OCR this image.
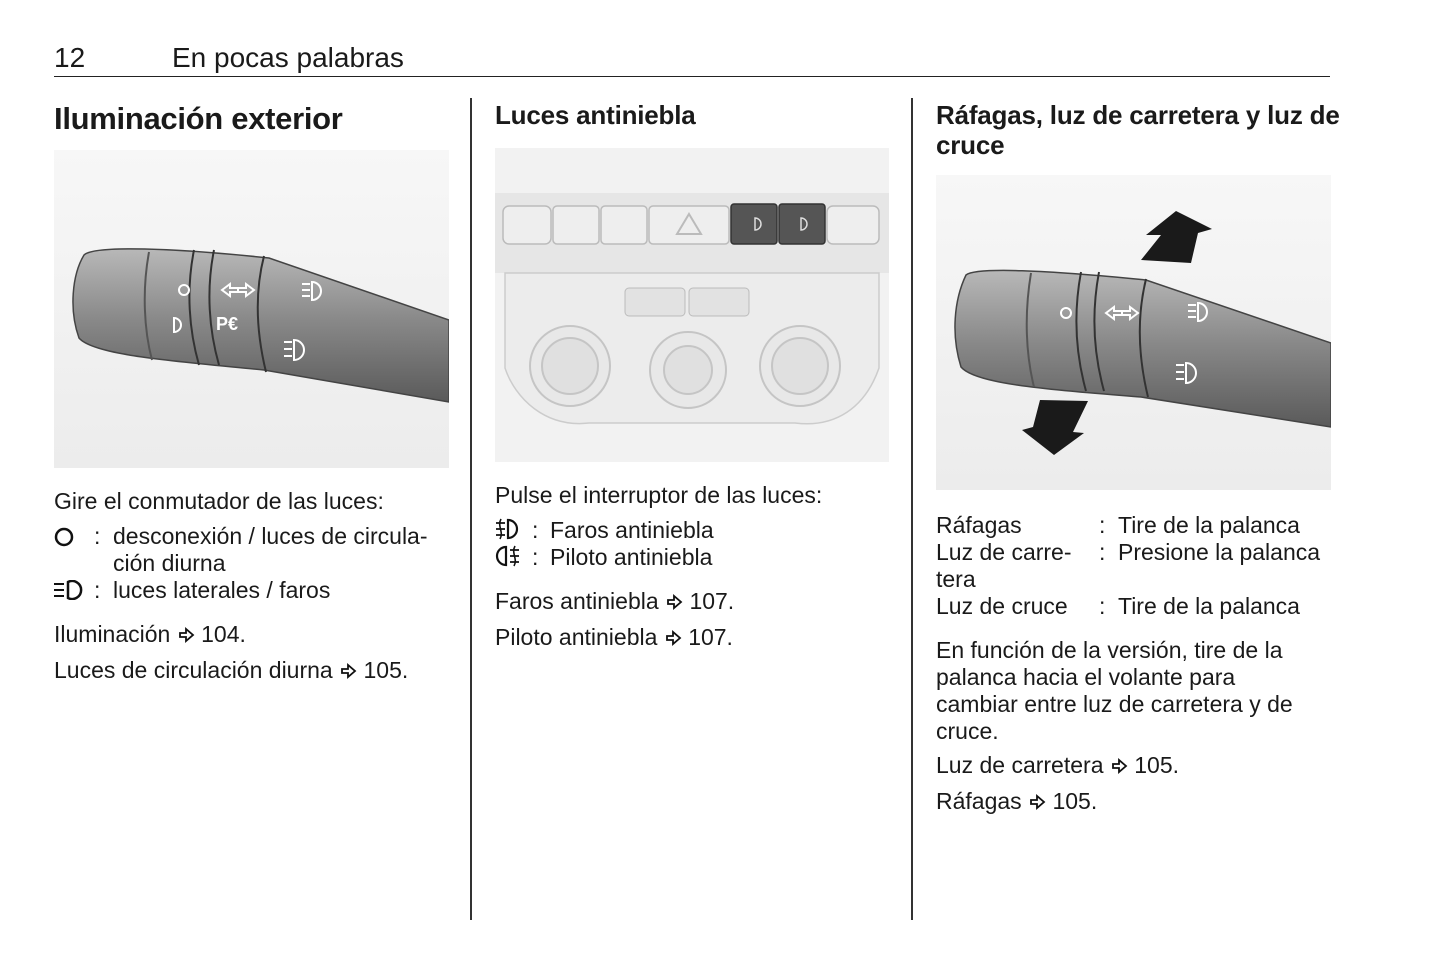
12	En pocas palabras
Iluminación exterior
P€
Gire el conmutador de las luces:
: desconexión / luces de circula-
ción diurna
: luces laterales / faros
Iluminación 104.
Luces de circulación diurna 105.
Luces antiniebla
Pulse el interruptor de las luces:
: Faros antiniebla
: Piloto antiniebla
Faros antiniebla 107.
Piloto antiniebla 107.
Ráfagas, luz de carretera y luz de
cruce
Ráfagas	: Tire de la palanca
Luz de carre-
tera
: Presione la palanca
Luz de cruce : Tire de la palanca
En función de la versión, tire de la
palanca hacia el volante para
cambiar entre luz de carretera y de
cruce.
Luz de carretera 105.
Ráfagas 105.
